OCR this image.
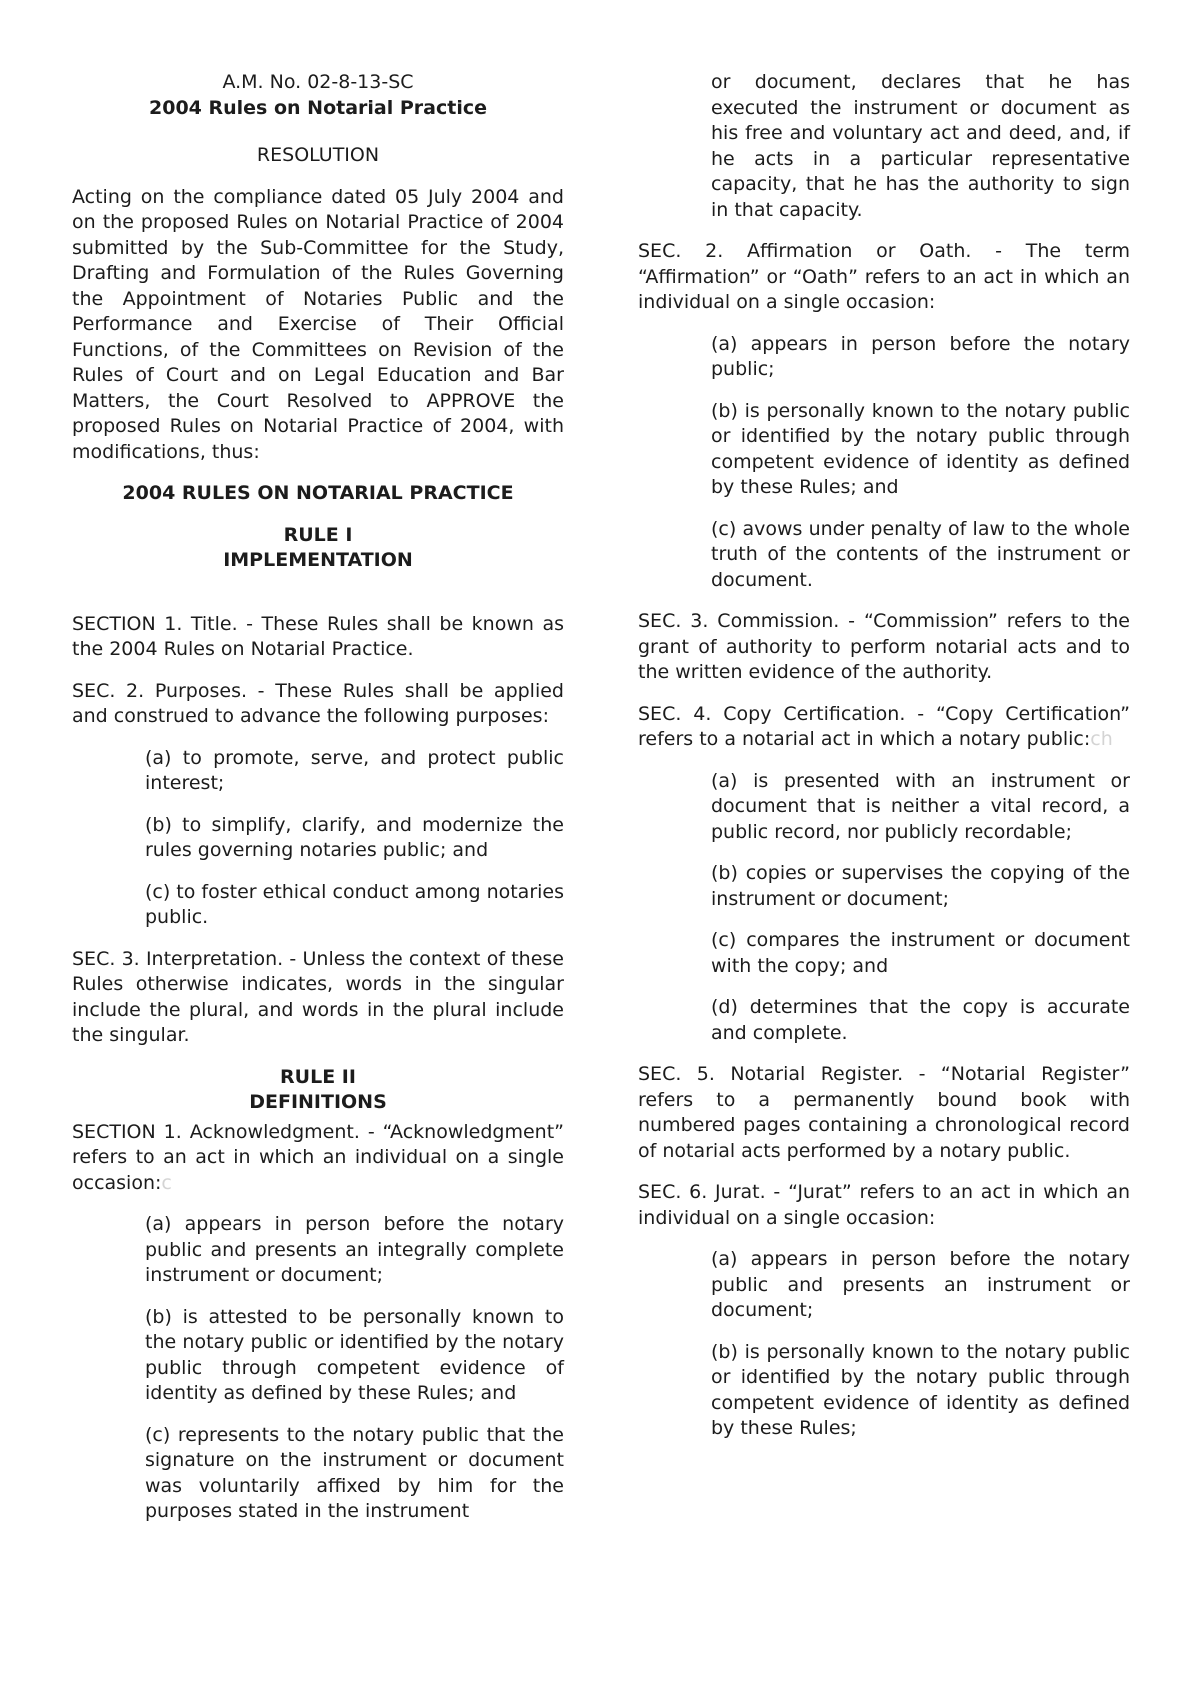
A.M. No. 02-8-13-SC
2004 Rules on Notarial Practice
RESOLUTION

Acting on the compliance dated 05 July 2004 and on the proposed Rules on Notarial Practice of 2004 submitted by the Sub-Committee for the Study, Drafting and Formulation of the Rules Governing the Appointment of Notaries Public and the Performance and Exercise of Their Official Functions, of the Committees on Revision of the Rules of Court and on Legal Education and Bar Matters, the Court Resolved to APPROVE the proposed Rules on Notarial Practice of 2004, with modifications, thus:

2004 RULES ON NOTARIAL PRACTICE
RULE I
IMPLEMENTATION

SECTION 1. Title. - These Rules shall be known as the 2004 Rules on Notarial Practice.

SEC. 2. Purposes. - These Rules shall be applied and construed to advance the following purposes:

(a) to promote, serve, and protect public interest;

(b) to simplify, clarify, and modernize the rules governing notaries public; and

(c) to foster ethical conduct among notaries public.

SEC. 3. Interpretation. - Unless the context of these Rules otherwise indicates, words in the singular include the plural, and words in the plural include the singular.

RULE II
DEFINITIONS

SECTION 1. Acknowledgment. - “Acknowledgment” refers to an act in which an individual on a single occasion:c

(a) appears in person before the notary public and presents an integrally complete instrument or document;

(b) is attested to be personally known to the notary public or identified by the notary public through competent evidence of identity as defined by these Rules; and

(c) represents to the notary public that the signature on the instrument or document was voluntarily affixed by him for the purposes stated in the instrument

or document, declares that he has executed the instrument or document as his free and voluntary act and deed, and, if he acts in a particular representative capacity, that he has the authority to sign in that capacity.

SEC. 2. Affirmation or Oath. - The term “Affirmation” or “Oath” refers to an act in which an individual on a single occasion:

(a) appears in person before the notary public;

(b) is personally known to the notary public or identified by the notary public through competent evidence of identity as defined by these Rules; and

(c) avows under penalty of law to the whole truth of the contents of the instrument or document.

SEC. 3. Commission. - “Commission” refers to the grant of authority to perform notarial acts and to the written evidence of the authority.

SEC. 4. Copy Certification. - “Copy Certification” refers to a notarial act in which a notary public:ch

(a) is presented with an instrument or document that is neither a vital record, a public record, nor publicly recordable;

(b) copies or supervises the copying of the instrument or document;

(c) compares the instrument or document with the copy; and

(d) determines that the copy is accurate and complete.

SEC. 5. Notarial Register. - “Notarial Register” refers to a permanently bound book with numbered pages containing a chronological record of notarial acts performed by a notary public.

SEC. 6. Jurat. - “Jurat” refers to an act in which an individual on a single occasion:

(a) appears in person before the notary public and presents an instrument or document;

(b) is personally known to the notary public or identified by the notary public through competent evidence of identity as defined by these Rules;
